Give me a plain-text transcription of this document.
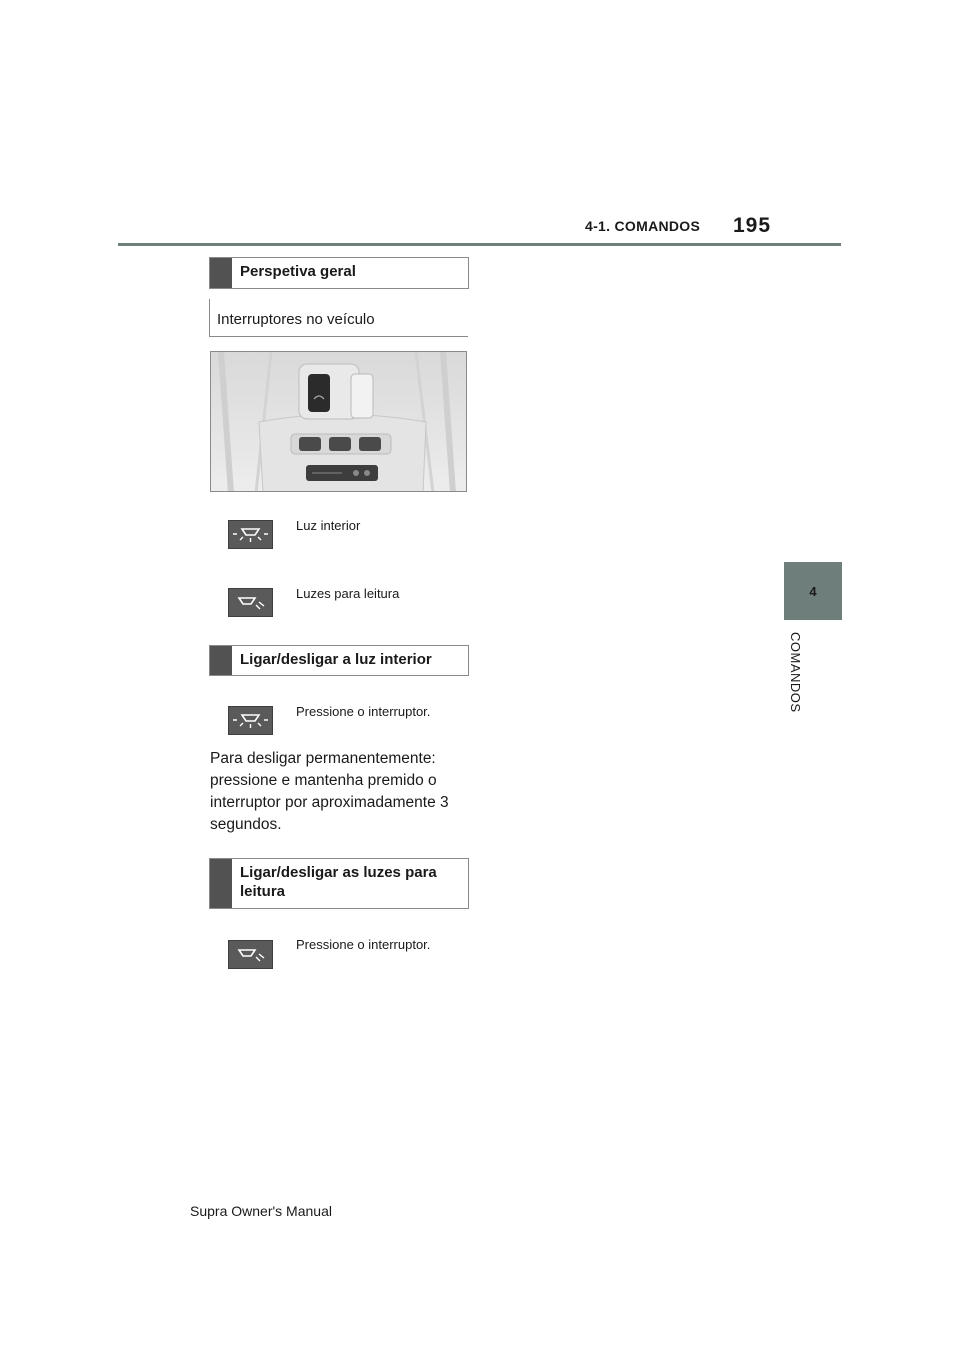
4-1. COMANDOS 195
4
COMANDOS
Perspetiva geral
Interruptores no veículo
Luz interior
Luzes para leitura
Ligar/desligar a luz interior
Pressione o interruptor.
Para desligar permanentemente: pressione e mantenha premido o interruptor por aproximadamente 3 segundos.
Ligar/desligar as luzes para leitura
Pressione o interruptor.
Supra Owner's Manual
